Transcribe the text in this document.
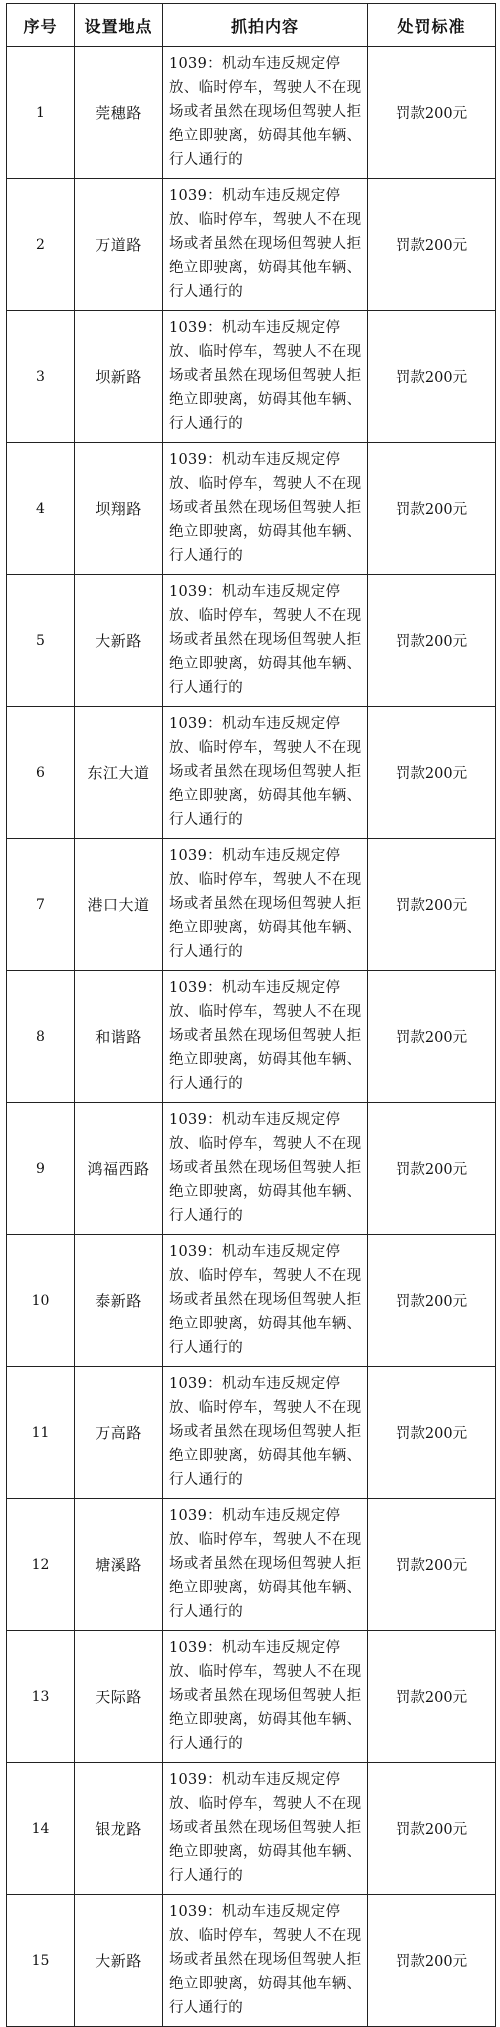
序号	设置地点	抓拍内容	处罚标准
1	莞穗路	1039：机动车违反规定停放、临时停车，驾驶人不在现场或者虽然在现场但驾驶人拒绝立即驶离，妨碍其他车辆、行人通行的	罚款200元
2	万道路	1039：机动车违反规定停放、临时停车，驾驶人不在现场或者虽然在现场但驾驶人拒绝立即驶离，妨碍其他车辆、行人通行的	罚款200元
3	坝新路	1039：机动车违反规定停放、临时停车，驾驶人不在现场或者虽然在现场但驾驶人拒绝立即驶离，妨碍其他车辆、行人通行的	罚款200元
4	坝翔路	1039：机动车违反规定停放、临时停车，驾驶人不在现场或者虽然在现场但驾驶人拒绝立即驶离，妨碍其他车辆、行人通行的	罚款200元
5	大新路	1039：机动车违反规定停放、临时停车，驾驶人不在现场或者虽然在现场但驾驶人拒绝立即驶离，妨碍其他车辆、行人通行的	罚款200元
6	东江大道	1039：机动车违反规定停放、临时停车，驾驶人不在现场或者虽然在现场但驾驶人拒绝立即驶离，妨碍其他车辆、行人通行的	罚款200元
7	港口大道	1039：机动车违反规定停放、临时停车，驾驶人不在现场或者虽然在现场但驾驶人拒绝立即驶离，妨碍其他车辆、行人通行的	罚款200元
8	和谐路	1039：机动车违反规定停放、临时停车，驾驶人不在现场或者虽然在现场但驾驶人拒绝立即驶离，妨碍其他车辆、行人通行的	罚款200元
9	鸿福西路	1039：机动车违反规定停放、临时停车，驾驶人不在现场或者虽然在现场但驾驶人拒绝立即驶离，妨碍其他车辆、行人通行的	罚款200元
10	泰新路	1039：机动车违反规定停放、临时停车，驾驶人不在现场或者虽然在现场但驾驶人拒绝立即驶离，妨碍其他车辆、行人通行的	罚款200元
11	万高路	1039：机动车违反规定停放、临时停车，驾驶人不在现场或者虽然在现场但驾驶人拒绝立即驶离，妨碍其他车辆、行人通行的	罚款200元
12	塘溪路	1039：机动车违反规定停放、临时停车，驾驶人不在现场或者虽然在现场但驾驶人拒绝立即驶离，妨碍其他车辆、行人通行的	罚款200元
13	天际路	1039：机动车违反规定停放、临时停车，驾驶人不在现场或者虽然在现场但驾驶人拒绝立即驶离，妨碍其他车辆、行人通行的	罚款200元
14	银龙路	1039：机动车违反规定停放、临时停车，驾驶人不在现场或者虽然在现场但驾驶人拒绝立即驶离，妨碍其他车辆、行人通行的	罚款200元
15	大新路	1039：机动车违反规定停放、临时停车，驾驶人不在现场或者虽然在现场但驾驶人拒绝立即驶离，妨碍其他车辆、行人通行的	罚款200元
